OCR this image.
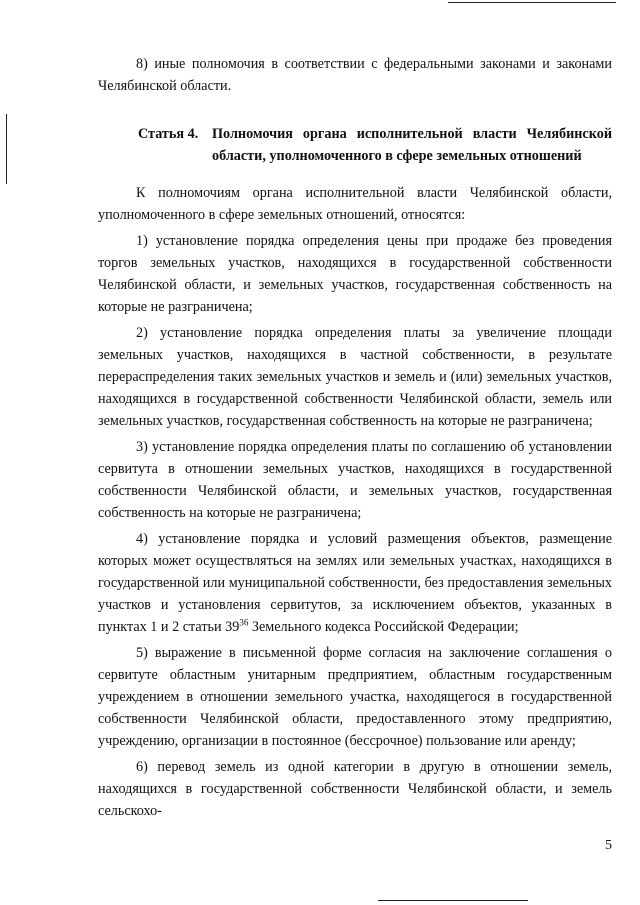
8) иные полномочия в соответствии с федеральными законами и законами Челябинской области.

Статья 4. Полномочия органа исполнительной власти Челябинской области, уполномоченного в сфере земельных отношений

К полномочиям органа исполнительной власти Челябинской области, уполномоченного в сфере земельных отношений, относятся:

1) установление порядка определения цены при продаже без проведения торгов земельных участков, находящихся в государственной собственности Челябинской области, и земельных участков, государственная собственность на которые не разграничена;

2) установление порядка определения платы за увеличение площади земельных участков, находящихся в частной собственности, в результате перераспределения таких земельных участков и земель и (или) земельных участков, находящихся в государственной собственности Челябинской области, земель или земельных участков, государственная собственность на которые не разграничена;

3) установление порядка определения платы по соглашению об установлении сервитута в отношении земельных участков, находящихся в государственной собственности Челябинской области, и земельных участков, государственная собственность на которые не разграничена;

4) установление порядка и условий размещения объектов, размещение которых может осуществляться на землях или земельных участках, находящихся в государственной или муниципальной собственности, без предоставления земельных участков и установления сервитутов, за исключением объектов, указанных в пунктах 1 и 2 статьи $39^{36}$ Земельного кодекса Российской Федерации;

5) выражение в письменной форме согласия на заключение соглашения о сервитуте областным унитарным предприятием, областным государственным учреждением в отношении земельного участка, находящегося в государственной собственности Челябинской области, предоставленного этому предприятию, учреждению, организации в постоянное (бессрочное) пользование или аренду;

6) перевод земель из одной категории в другую в отношении земель, находящихся в государственной собственности Челябинской области, и земель сельскохо-

5
